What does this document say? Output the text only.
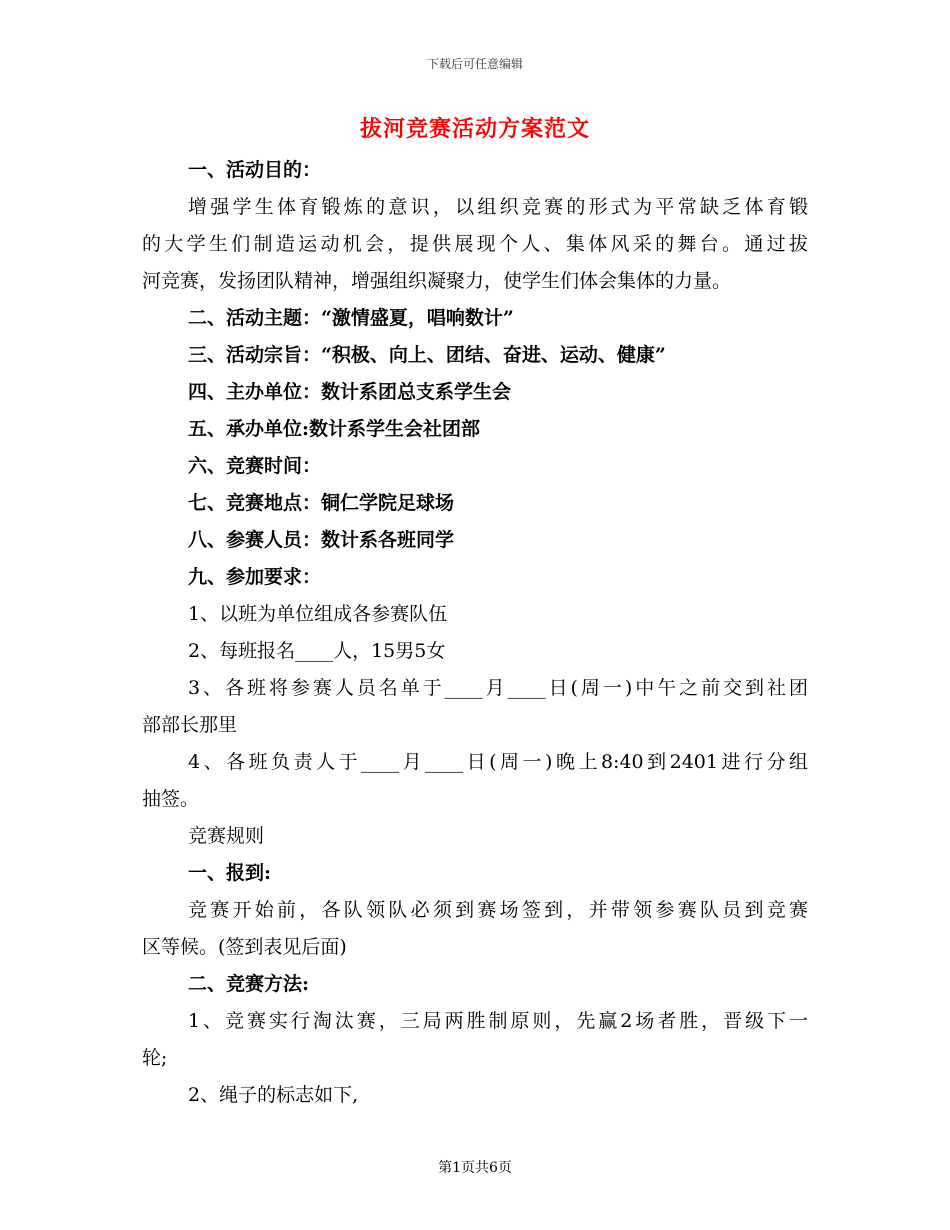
下载后可任意编辑
拔河竞赛活动方案范文
一、活动目的：
增强学生体育锻炼的意识，以组织竞赛的形式为平常缺乏体育锻
的大学生们制造运动机会，提供展现个人、集体风采的舞台。通过拔
河竞赛，发扬团队精神，增强组织凝聚力，使学生们体会集体的力量。
二、活动主题：“激情盛夏，唱响数计”
三、活动宗旨：“积极、向上、团结、奋进、运动、健康”
四、主办单位：数计系团总支系学生会
五、承办单位:数计系学生会社团部
六、竞赛时间：
七、竞赛地点：铜仁学院足球场
八、参赛人员：数计系各班同学
九、参加要求：
1、以班为单位组成各参赛队伍
2、每班报名____人，15男5女
3、各班将参赛人员名单于____月____日(周一)中午之前交到社团
部部长那里
4、各班负责人于____月____日(周一)晚上8:40到2401进行分组
抽签。
竞赛规则
一、报到:
竞赛开始前，各队领队必须到赛场签到，并带领参赛队员到竞赛
区等候。(签到表见后面)
二、竞赛方法:
1、竞赛实行淘汰赛，三局两胜制原则，先赢2场者胜，晋级下一
轮;
2、绳子的标志如下,
第1页共6页
